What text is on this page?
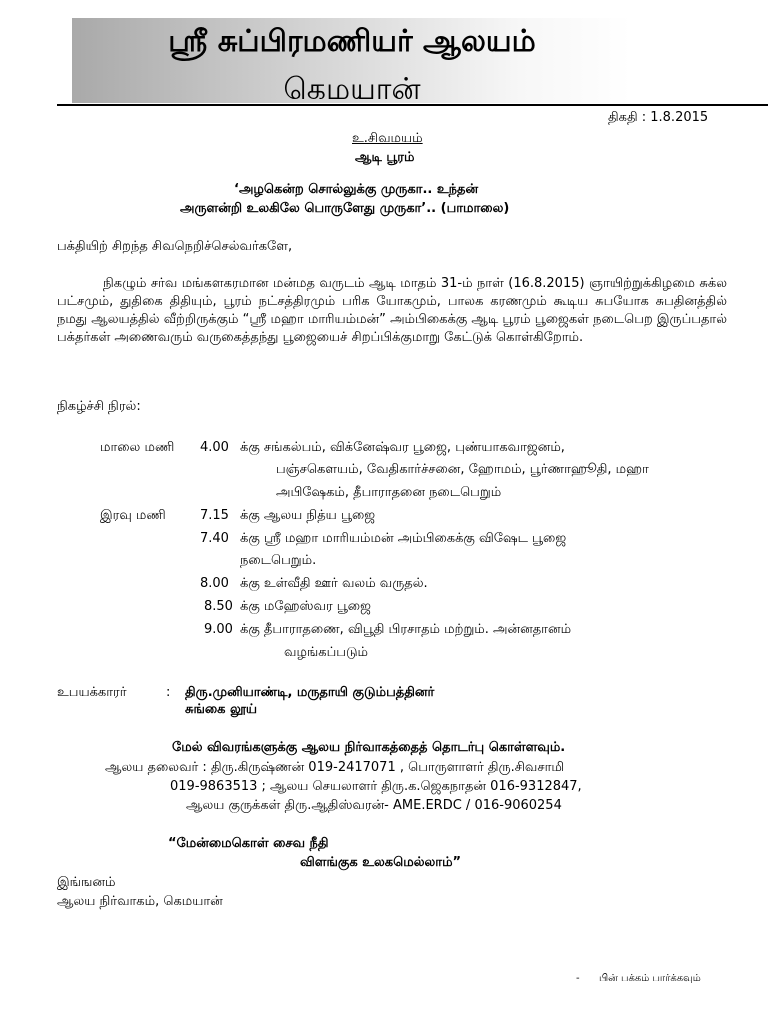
ஸ்ரீ சுப்பிரமணியர் ஆலயம்
கெமயான்
திகதி : 1.8.2015
உ.சிவமயம்
ஆடி பூரம்
‘அழகென்ற சொல்லுக்கு முருகா.. உந்தன்
அருளன்றி உலகிலே பொருளேது முருகா’.. (பாமாலை)
பக்தியிற் சிறந்த சிவநெறிச்செல்வர்களே,
நிகழும் சர்வ மங்களகரமான மன்மத வருடம் ஆடி மாதம் 31-ம் நாள் (16.8.2015) ஞாயிற்றுக்கிழமை சுக்ல பட்சமும், துதிகை திதியும், பூரம் நட்சத்திரமும் பரிக யோகமும், பாலக கரணமும் கூடிய சுபயோக சுபதினத்தில் நமது ஆலயத்தில் வீற்றிருக்கும் “ஸ்ரீ மஹா மாரியம்மன்” அம்பிகைக்கு ஆடி பூரம் பூஜைகள் நடைபெற இருப்பதால் பக்தர்கள் அணைவரும் வருகைத்தந்து பூஜையைச் சிறப்பிக்குமாறு கேட்டுக் கொள்கிறோம்.
நிகழ்ச்சி நிரல்:
மாலை மணி 4.00 க்கு சங்கல்பம், விக்னேஷ்வர பூஜை, புண்யாகவாஜனம்,
பஞ்சகௌயம், வேதிகார்ச்சனை, ஹோமம், பூர்ணாஹூதி, மஹா
அபிஷேகம், தீபாராதனை நடைபெறும்
இரவு மணி	7.15 க்கு ஆலய நித்ய பூஜை
7.40 க்கு ஸ்ரீ மஹா மாரியம்மன் அம்பிகைக்கு விஷேட பூஜை
நடைபெறும்.
8.00 க்கு உள்வீதி ஊர் வலம் வருதல்.
8.50 க்கு மஹேஸ்வர பூஜை
9.00 க்கு தீபாராதணை, விபூதி பிரசாதம் மற்றும். அன்னதானம்
வழங்கப்படும்
உபயக்காரர்	: திரு.முனியாண்டி, மருதாயி குடும்பத்தினர்
சுங்கை லூய்
மேல் விவரங்களுக்கு ஆலய நிர்வாகத்தைத் தொடர்பு கொள்ளவும்.
ஆலய தலைவர் : திரு.கிருஷ்ணன் 019-2417071 , பொருளாளர் திரு.சிவசாமி
019-9863513 ; ஆலய செயலாளர் திரு.க.ஜெகநாதன் 016-9312847,
ஆலய குருக்கள் திரு.ஆதிஸ்வரன்- AME.ERDC / 016-9060254
“மேன்மைகொள் சைவ நீதி
விளங்குக உலகமெல்லாம்”
இங்ஙனம்
ஆலய நிர்வாகம், கெமயான்
- பின் பக்கம் பார்க்கவும்
